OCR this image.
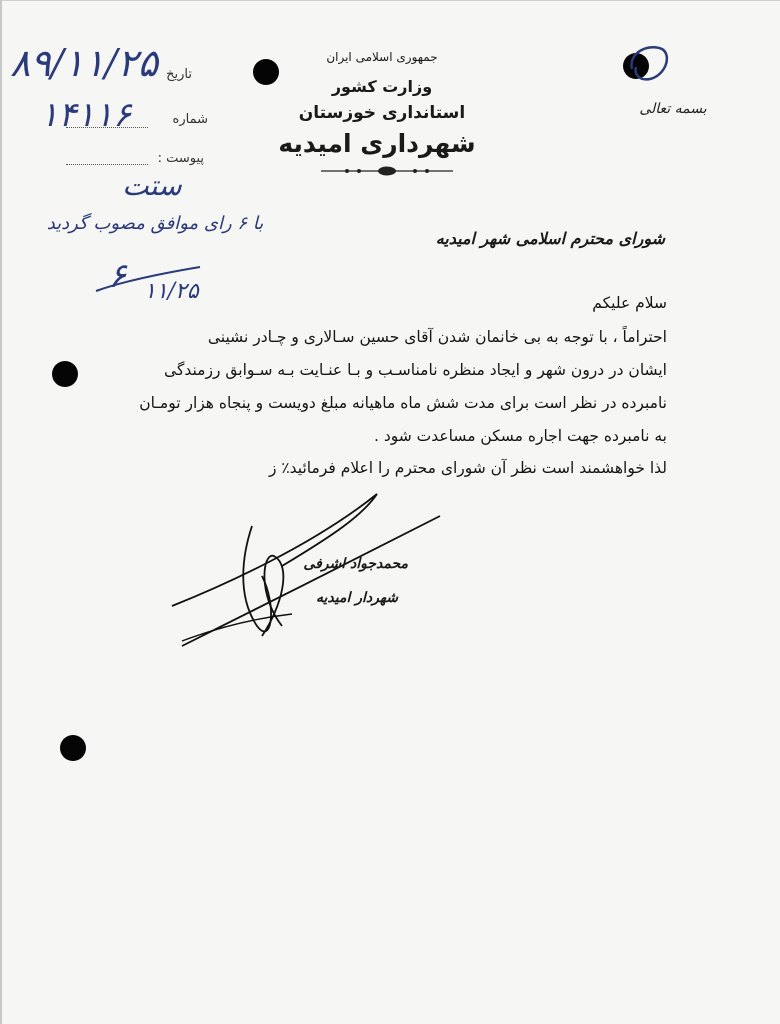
بسمه تعالی
جمهوری اسلامی ایران
وزارت کشور
استانداری خوزستان
شهرداری امیدیه
تاریخ
شماره
پیوست :
۸۹/۱۱/۲۵
۱۴۱۱۶
ستت
با ۶ رای موافق مصوب گردید
۶ ۱۱/۲۵
شورای محترم اسلامی شهر امیدیه
سلام علیکم
احتراماً ، با توجه به بی خانمان شدن آقای حسین سـالاری و چـادر نشینی
ایشان در درون شهر و ایجاد منظره نامناسـب و بـا عنـایت بـه سـوابق رزمندگی
نامبرده در نظر است برای مدت شش ماه ماهیانه مبلغ دویست و پنجاه هزار تومـان
به نامبرده جهت اجاره مسکن مساعدت شود .
لذا خواهشمند است نظر آن شورای محترم را اعلام فرمائید٪ ز
محمدجواد اشرفی
شهردار امیدیه
